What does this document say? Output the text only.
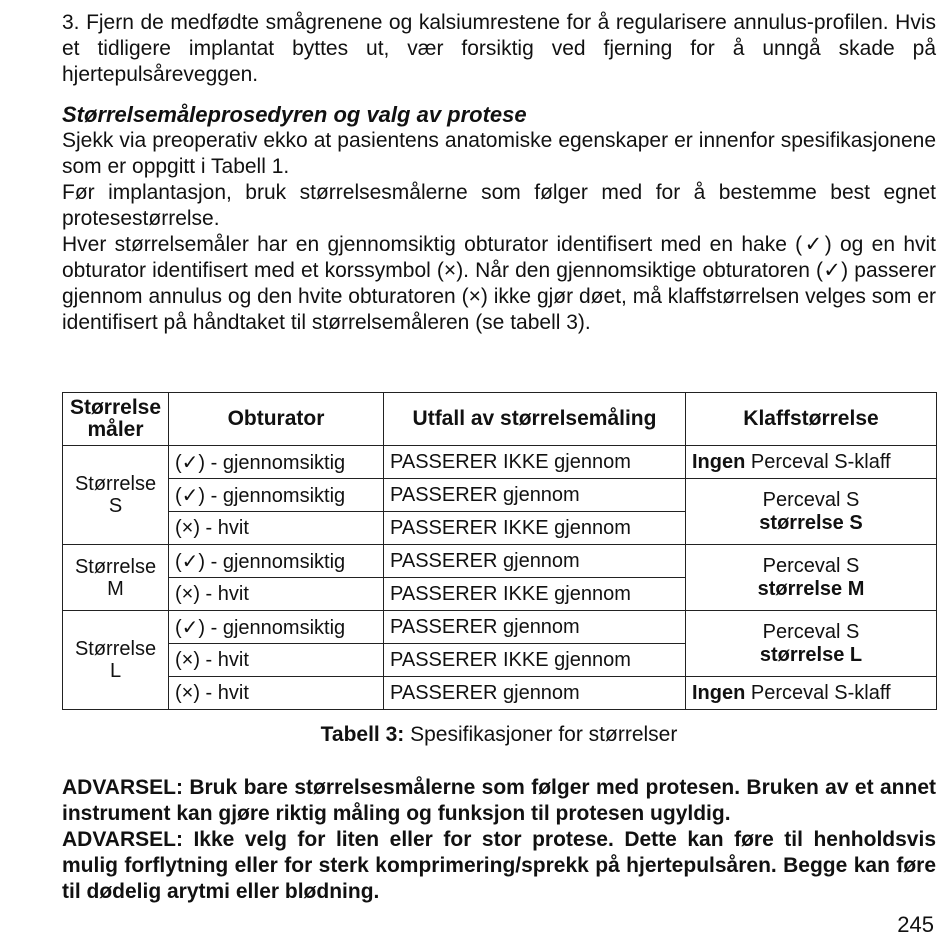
3. Fjern de medfødte smågrenene og kalsiumrestene for å regularisere annulus-profilen. Hvis et tidligere implantat byttes ut, vær forsiktig ved fjerning for å unngå skade på hjertepulsåreveggen.

Størrelsemåleprosedyren og valg av protese

Sjekk via preoperativ ekko at pasientens anatomiske egenskaper er innenfor spesifikasjonene som er oppgitt i Tabell 1.

Før implantasjon, bruk størrelsesmålerne som følger med for å bestemme best egnet protesestørrelse.

Hver størrelsemåler har en gjennomsiktig obturator identifisert med en hake (✓) og en hvit obturator identifisert med et korssymbol (×). Når den gjennomsiktige obturatoren (✓) passerer gjennom annulus og den hvite obturatoren (×) ikke gjør døet, må klaffstørrelsen velges som er identifisert på håndtaket til størrelsemåleren (se tabell 3).

Størrelse måler	Obturator	Utfall av størrelsemåling	Klaffstørrelse
Størrelse S	(✓) - gjennomsiktig	PASSERER IKKE gjennom	Ingen Perceval S-klaff
	(✓) - gjennomsiktig	PASSERER gjennom	Perceval S
størrelse S

	(×) - hvit	PASSERER IKKE gjennom	
Størrelse M	(✓) - gjennomsiktig	PASSERER gjennom	Perceval S
størrelse M

	(×) - hvit	PASSERER IKKE gjennom	
Størrelse L	(✓) - gjennomsiktig	PASSERER gjennom	Perceval S
størrelse L

	(×) - hvit	PASSERER IKKE gjennom	
	(×) - hvit	PASSERER gjennom	Ingen Perceval S-klaff
Tabell 3: Spesifikasjoner for størrelser

ADVARSEL: Bruk bare størrelsesmålerne som følger med protesen. Bruken av et annet instrument kan gjøre riktig måling og funksjon til protesen ugyldig.

ADVARSEL: Ikke velg for liten eller for stor protese. Dette kan føre til henholdsvis mulig forflytning eller for sterk komprimering/sprekk på hjertepulsåren. Begge kan føre til dødelig arytmi eller blødning.

245
